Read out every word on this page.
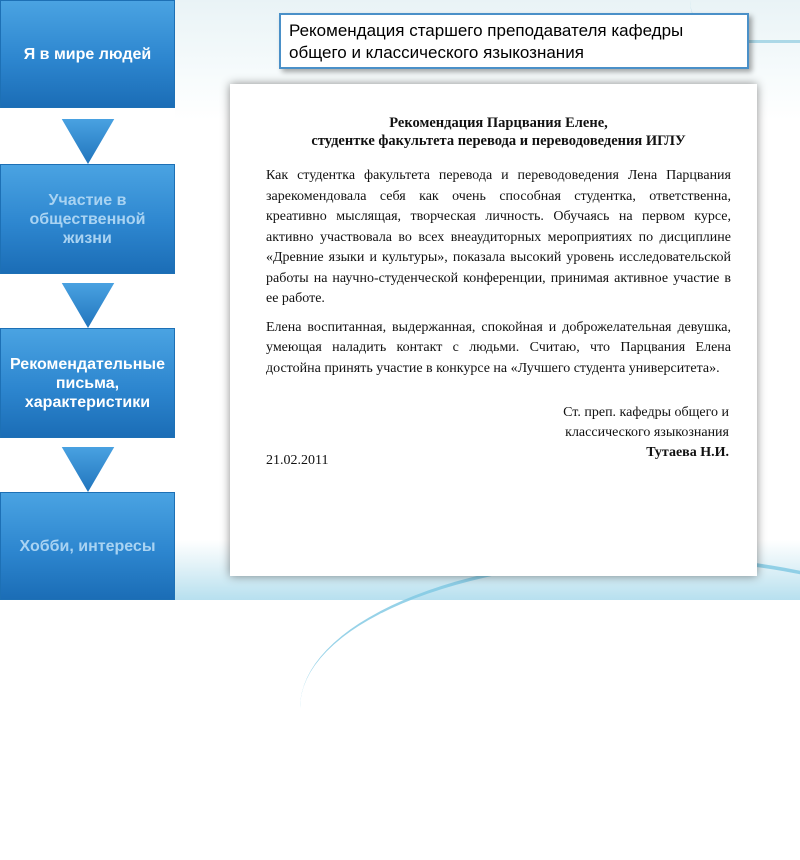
Я в мире людей
Участие в общественной жизни
Рекомендательные письма, характеристики
Хобби, интересы
Рекомендация старшего преподавателя кафедры общего и классического языкознания
Рекомендация Парцвания Елене,
студентке факультета перевода и переводоведения ИГЛУ

Как студентка факультета перевода и переводоведения Лена Парцвания зарекомендовала себя как очень способная студентка, ответственна, креативно мыслящая, творческая личность. Обучаясь на первом курсе, активно участвовала во всех внеаудиторных мероприятиях по дисциплине «Древние языки и культуры», показала высокий уровень исследовательской работы на научно-студенческой конференции, принимая активное участие в ее работе.

Елена воспитанная, выдержанная, спокойная и доброжелательная девушка, умеющая наладить контакт с людьми. Считаю, что Парцвания Елена достойна принять участие в конкурсе на «Лучшего студента университета».

Ст. преп. кафедры общего и
классического языкознания
Тутаева Н.И.
21.02.2011
